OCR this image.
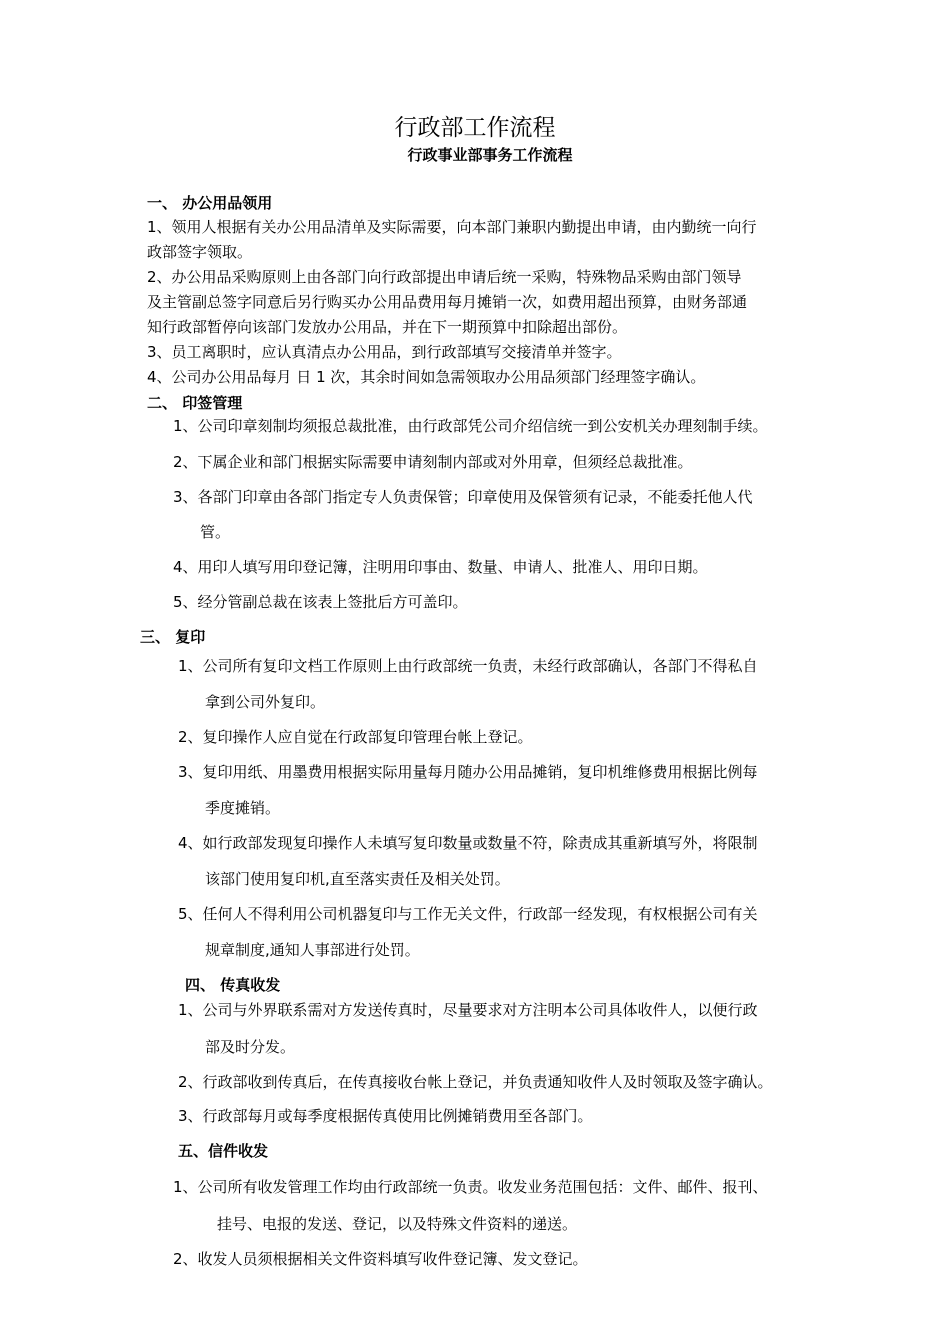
行政部工作流程
行政事业部事务工作流程
一、 办公用品领用
1、领用人根据有关办公用品清单及实际需要，向本部门兼职内勤提出申请，由内勤统一向行
政部签字领取。
2、办公用品采购原则上由各部门向行政部提出申请后统一采购，特殊物品采购由部门领导
及主管副总签字同意后另行购买办公用品费用每月摊销一次，如费用超出预算，由财务部通
知行政部暂停向该部门发放办公用品，并在下一期预算中扣除超出部份。
3、员工离职时，应认真清点办公用品，到行政部填写交接清单并签字。
4、公司办公用品每月 日 1 次，其余时间如急需领取办公用品须部门经理签字确认。
二、 印签管理
1、公司印章刻制均须报总裁批准，由行政部凭公司介绍信统一到公安机关办理刻制手续。
2、下属企业和部门根据实际需要申请刻制内部或对外用章，但须经总裁批准。
3、各部门印章由各部门指定专人负责保管；印章使用及保管须有记录，不能委托他人代
管。
4、用印人填写用印登记簿，注明用印事由、数量、申请人、批准人、用印日期。
5、经分管副总裁在该表上签批后方可盖印。
三、 复印
1、公司所有复印文档工作原则上由行政部统一负责，未经行政部确认，各部门不得私自
拿到公司外复印。
2、复印操作人应自觉在行政部复印管理台帐上登记。
3、复印用纸、用墨费用根据实际用量每月随办公用品摊销，复印机维修费用根据比例每
季度摊销。
4、如行政部发现复印操作人未填写复印数量或数量不符，除责成其重新填写外，将限制
该部门使用复印机,直至落实责任及相关处罚。
5、任何人不得利用公司机器复印与工作无关文件，行政部一经发现，有权根据公司有关
规章制度,通知人事部进行处罚。
四、 传真收发
1、公司与外界联系需对方发送传真时，尽量要求对方注明本公司具体收件人，以便行政
部及时分发。
2、行政部收到传真后，在传真接收台帐上登记，并负责通知收件人及时领取及签字确认。
3、行政部每月或每季度根据传真使用比例摊销费用至各部门。
五、信件收发
1、公司所有收发管理工作均由行政部统一负责。收发业务范围包括：文件、邮件、报刊、
挂号、电报的发送、登记，以及特殊文件资料的递送。
2、收发人员须根据相关文件资料填写收件登记簿、发文登记。
